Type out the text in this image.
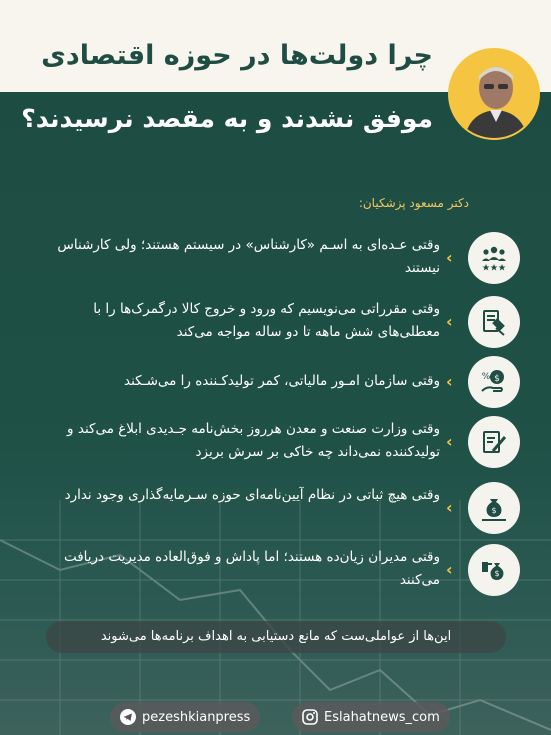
چرا دولت‌ها در حوزه اقتصادی
موفق نشدند و به مقصد نرسیدند؟
دکتر مسعود پزشکیان:
‹
وقتی عـده‌ای به اسـم «کارشناس» در سیستم هستند؛ ولی کارشناس نیستند
‹
وقتی مقرراتی می‌نویسیم که ورود و خروج کالا درگمرک‌ها را با معطلی‌های شش ماهه تا دو ساله مواجه می‌کند
$
%
‹
وقتی سازمان امـور مالیاتی، کمر تولیدکـننده را می‌شـکند
‹
وقتی وزارت صنعت و معدن هرروز بخش‌نامه جـدیدی ابلاغ می‌کند و تولیدکننده نمی‌داند چه خاکی بر سرش بریزد
$
‹
وقتی هیچ ثباتی در نظام آیین‌نامه‌ای حوزه سـرمایه‌گذاری وجود ندارد
$
‹
وقتی مدیران زیان‌ده هستند؛ اما پاداش و فوق‌العاده مدیریت دریافت می‌کنند
این‌ها از عواملی‌ست که مانع دستیابی به اهداف برنامه‌ها می‌شوند
pezeshkianpress	Eslahatnews_com
